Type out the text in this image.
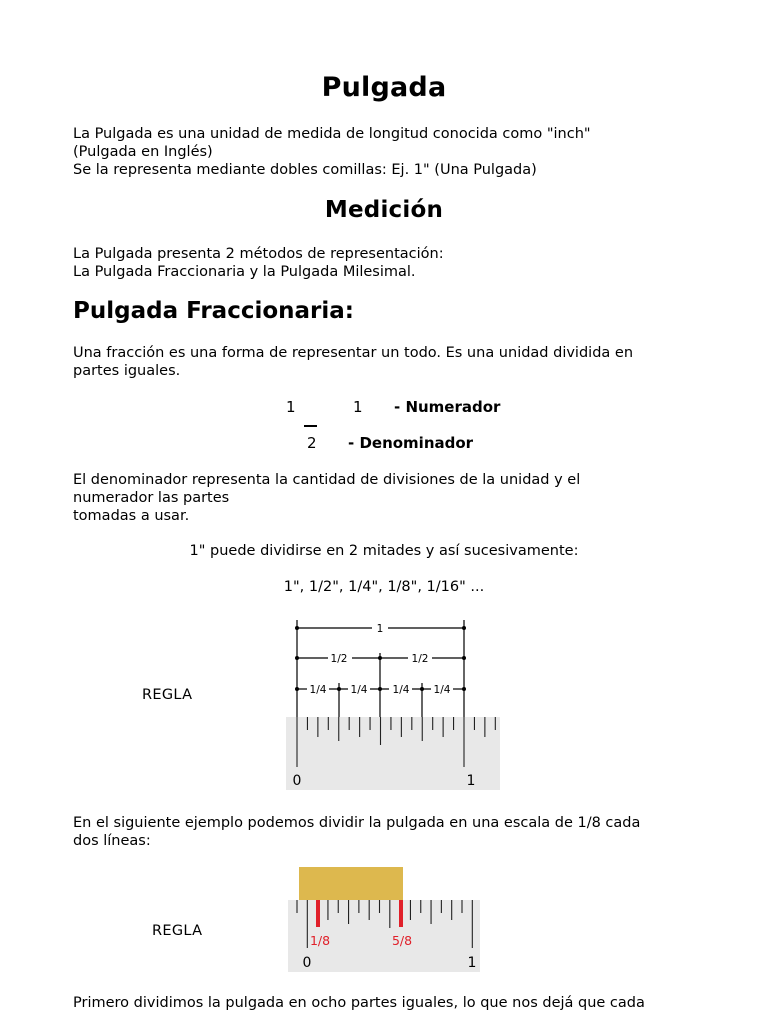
Pulgada
La Pulgada es una unidad de medida de longitud conocida como "inch"
(Pulgada en Inglés)
Se la representa mediante dobles comillas: Ej. 1" (Una Pulgada)
Medición
La Pulgada presenta 2 métodos de representación:
La Pulgada Fraccionaria y la Pulgada Milesimal.
Pulgada Fraccionaria:
Una fracción es una forma de representar un todo. Es una unidad dividida en
partes iguales.
1	1 - Numerador
2 - Denominador
El denominador representa la cantidad de divisiones de la unidad y el
numerador las partes
tomadas a usar.
1" puede dividirse en 2 mitades y así sucesivamente:
1", 1/2", 1/4", 1/8", 1/16" ...
REGLA
1
1/2	1/2
1/4 1/4 1/4 1/4
0	1
En el siguiente ejemplo podemos dividir la pulgada en una escala de 1/8 cada
dos líneas:
REGLA
1/8	5/8
0	1
Primero dividimos la pulgada en ocho partes iguales, lo que nos dejá que cada
